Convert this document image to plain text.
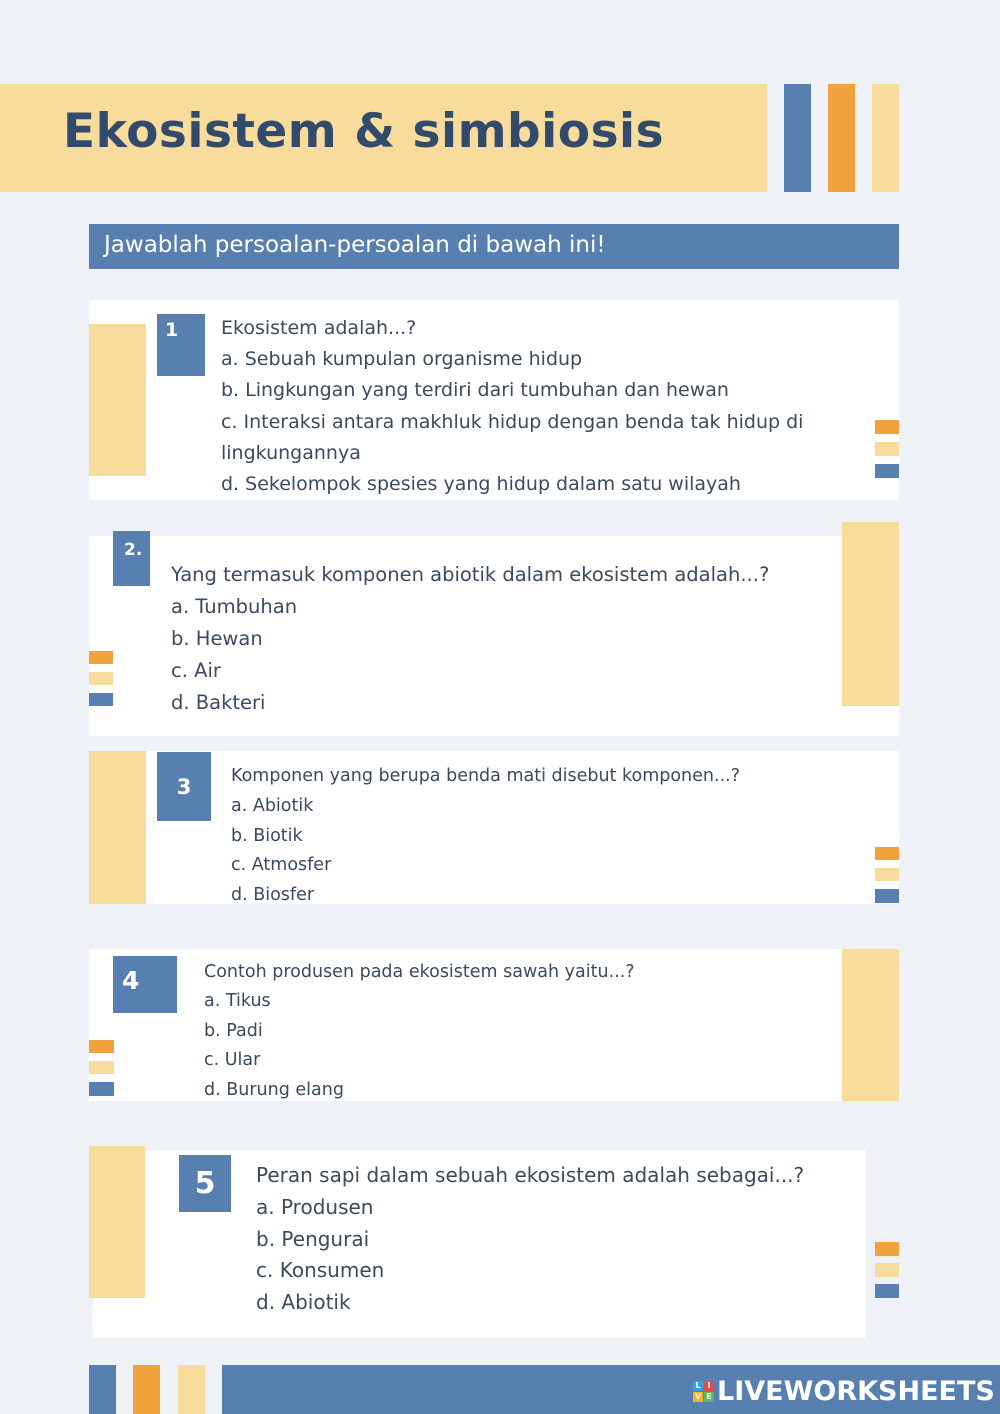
Ekosistem & simbiosis
Jawablah persoalan-persoalan di bawah ini!
1	Ekosistem adalah...?
a. Sebuah kumpulan organisme hidup
b. Lingkungan yang terdiri dari tumbuhan dan hewan
c. Interaksi antara makhluk hidup dengan benda tak hidup di
lingkungannya
d. Sekelompok spesies yang hidup dalam satu wilayah
2.
Yang termasuk komponen abiotik dalam ekosistem adalah...?
a. Tumbuhan
b. Hewan
c. Air
d. Bakteri
3	Komponen yang berupa benda mati disebut komponen...?
a. Abiotik
b. Biotik
c. Atmosfer
d. Biosfer
4	Contoh produsen pada ekosistem sawah yaitu...?
a. Tikus
b. Padi
c. Ular
d. Burung elang
5	Peran sapi dalam sebuah ekosistem adalah sebagai...?
a. Produsen
b. Pengurai
c. Konsumen
d. Abiotik
L I
V E LIVEWORKSHEETS
